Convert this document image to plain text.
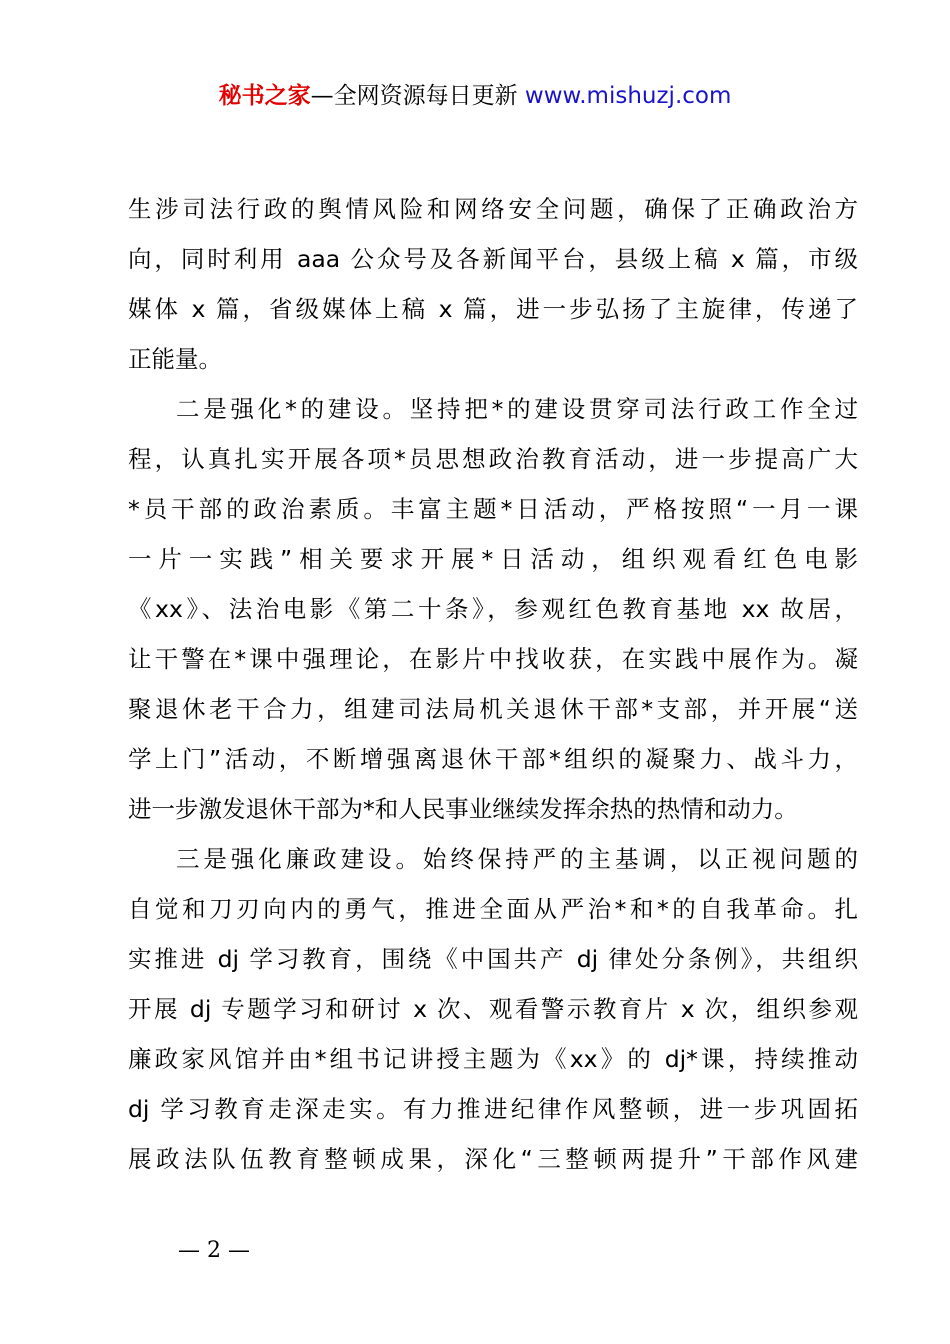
秘书之家—全网资源每日更新 www.mishuzj.com
生涉司法行政的舆情风险和网络安全问题，确保了正确政治方
向，同时利用 aaa 公众号及各新闻平台，县级上稿 x 篇，市级
媒体 x 篇，省级媒体上稿 x 篇，进一步弘扬了主旋律，传递了
正能量。
二是强化*的建设。坚持把*的建设贯穿司法行政工作全过
程，认真扎实开展各项*员思想政治教育活动，进一步提高广大
*员干部的政治素质。丰富主题*日活动，严格按照“一月一课
一片一实践”相关要求开展*日活动，组织观看红色电影
《xx》、法治电影《第二十条》，参观红色教育基地 xx 故居，
让干警在*课中强理论，在影片中找收获，在实践中展作为。凝
聚退休老干合力，组建司法局机关退休干部*支部，并开展“送
学上门”活动，不断增强离退休干部*组织的凝聚力、战斗力，
进一步激发退休干部为*和人民事业继续发挥余热的热情和动力。
三是强化廉政建设。始终保持严的主基调，以正视问题的
自觉和刀刃向内的勇气，推进全面从严治*和*的自我革命。扎
实推进 dj 学习教育，围绕《中国共产 dj 律处分条例》，共组织
开展 dj 专题学习和研讨 x 次、观看警示教育片 x 次，组织参观
廉政家风馆并由*组书记讲授主题为《xx》的 dj*课，持续推动
dj 学习教育走深走实。有力推进纪律作风整顿，进一步巩固拓
展政法队伍教育整顿成果，深化“三整顿两提升”干部作风建
— 2 —
